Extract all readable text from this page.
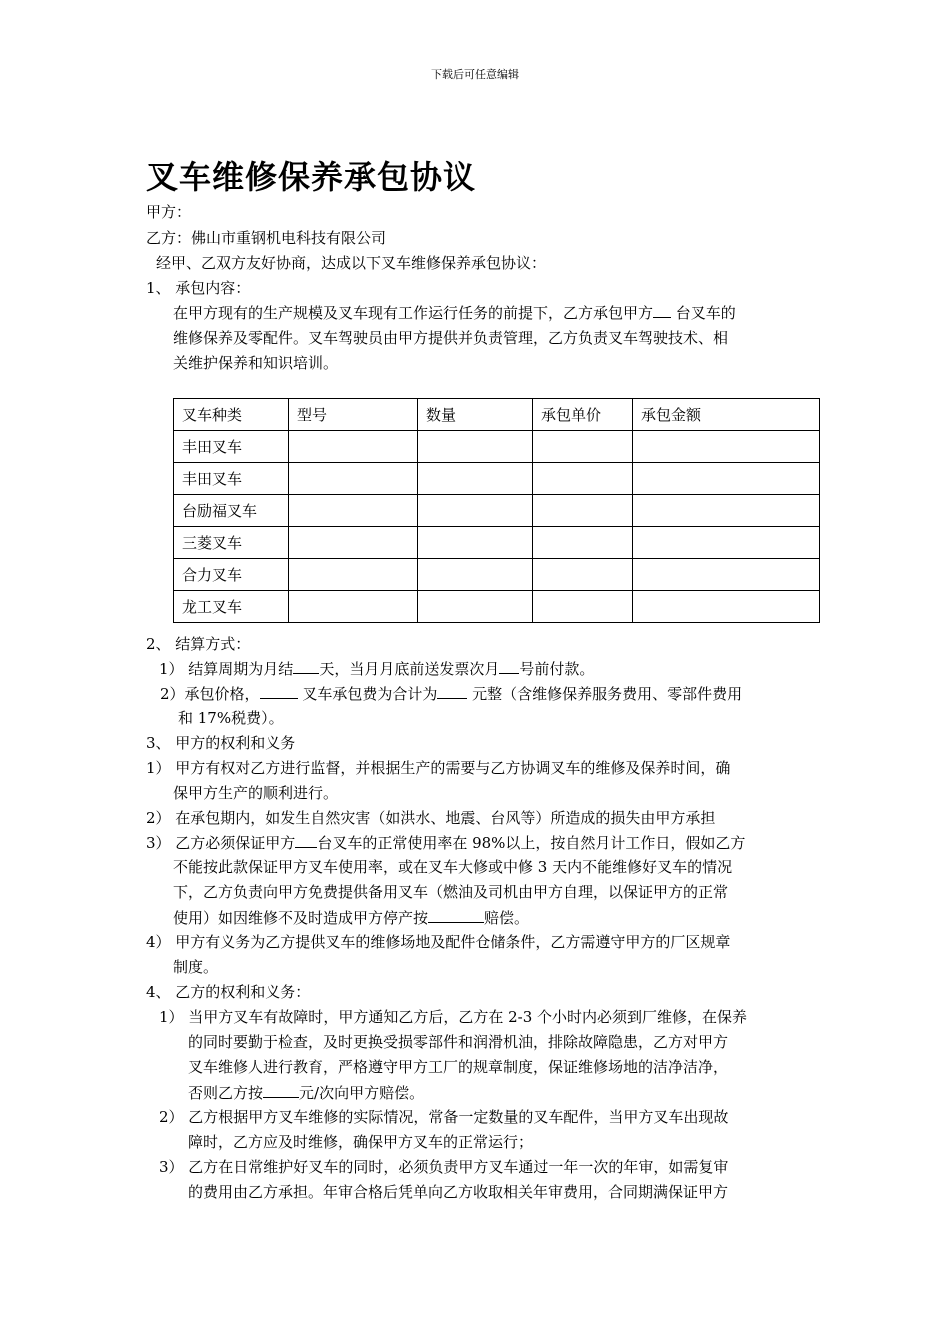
下载后可任意编辑
叉车维修保养承包协议
甲方：
乙方：佛山市重钢机电科技有限公司
经甲、乙双方友好协商，达成以下叉车维修保养承包协议：
1、 承包内容：
在甲方现有的生产规模及叉车现有工作运行任务的前提下，乙方承包甲方 台叉车的
维修保养及零配件。叉车驾驶员由甲方提供并负责管理，乙方负责叉车驾驶技术、相
关维护保养和知识培训。
叉车种类	型号	数量	承包单价	承包金额
丰田叉车				
丰田叉车				
台励福叉车				
三菱叉车				
合力叉车				
龙工叉车				
2、 结算方式：
1） 结算周期为月结 天，当月月底前送发票次月 号前付款。
2）承包价格，	叉车承包费为合计为 元整（含维修保养服务费用、零部件费用
和 17%税费）。
3、 甲方的权利和义务
1） 甲方有权对乙方进行监督，并根据生产的需要与乙方协调叉车的维修及保养时间，确
保甲方生产的顺利进行。
2） 在承包期内，如发生自然灾害（如洪水、地震、台风等）所造成的损失由甲方承担
3） 乙方必须保证甲方 台叉车的正常使用率在 98%以上，按自然月计工作日，假如乙方
不能按此款保证甲方叉车使用率，或在叉车大修或中修 3 天内不能维修好叉车的情况
下，乙方负责向甲方免费提供备用叉车（燃油及司机由甲方自理，以保证甲方的正常
使用）如因维修不及时造成甲方停产按	赔偿。
4） 甲方有义务为乙方提供叉车的维修场地及配件仓储条件，乙方需遵守甲方的厂区规章
制度。
4、 乙方的权利和义务：
1） 当甲方叉车有故障时，甲方通知乙方后，乙方在 2-3 个小时内必须到厂维修，在保养
的同时要勤于检查，及时更换受损零部件和润滑机油，排除故障隐患，乙方对甲方
叉车维修人进行教育，严格遵守甲方工厂的规章制度，保证维修场地的洁净洁净，
否则乙方按 元/次向甲方赔偿。
2） 乙方根据甲方叉车维修的实际情况，常备一定数量的叉车配件，当甲方叉车出现故
障时，乙方应及时维修，确保甲方叉车的正常运行；
3） 乙方在日常维护好叉车的同时，必须负责甲方叉车通过一年一次的年审，如需复审
的费用由乙方承担。年审合格后凭单向乙方收取相关年审费用，合同期满保证甲方
